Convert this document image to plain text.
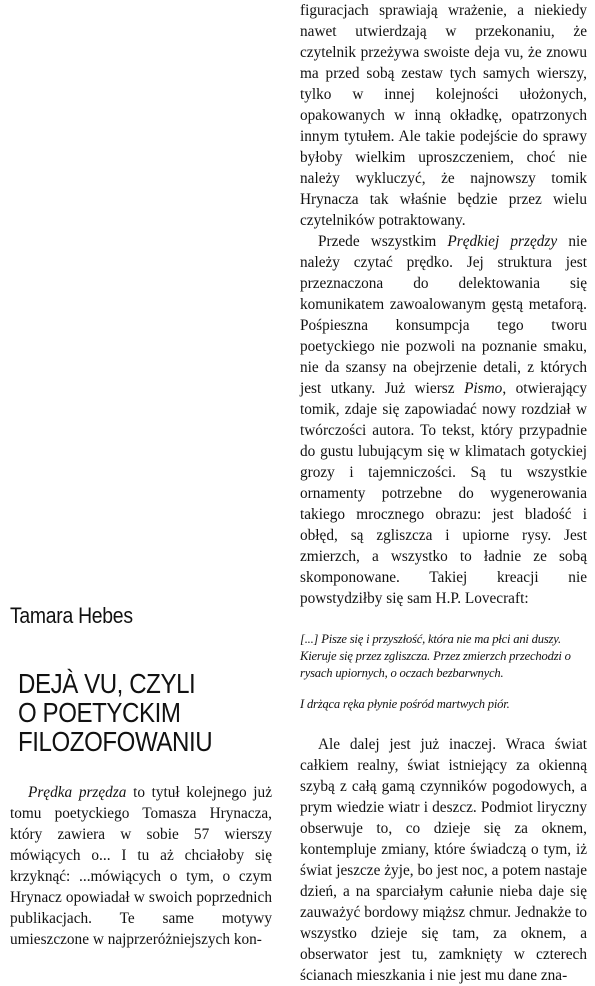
Tamara Hebes
DEJÀ VU, CZYLI
O POETYCKIM
FILOZOFOWANIU

Prędka przędza to tytuł kolejnego już tomu poetyckiego Tomasza Hrynacza, który zawiera w sobie 57 wierszy mówiących o... I tu aż chciałoby się krzyknąć: ...mówiących o tym, o czym Hrynacz opowiadał w swoich poprzednich publikacjach. Te same motywy umieszczone w najprzeróżniejszych kon-

figuracjach sprawiają wrażenie, a niekiedy nawet utwierdzają w przekonaniu, że czytelnik przeżywa swoiste deja vu, że znowu ma przed sobą zestaw tych samych wierszy, tylko w innej kolejności ułożonych, opakowanych w inną okładkę, opatrzonych innym tytułem. Ale takie podejście do sprawy byłoby wielkim uproszczeniem, choć nie należy wykluczyć, że najnowszy tomik Hrynacza tak właśnie będzie przez wielu czytelników potraktowany.

Przede wszystkim Prędkiej przędzy nie należy czytać prędko. Jej struktura jest przeznaczona do delektowania się komunikatem zawoalowanym gęstą metaforą. Pośpieszna konsumpcja tego tworu poetyckiego nie pozwoli na poznanie smaku, nie da szansy na obejrzenie detali, z których jest utkany. Już wiersz Pismo, otwierający tomik, zdaje się zapowiadać nowy rozdział w twórczości autora. To tekst, który przypadnie do gustu lubującym się w klimatach gotyckiej grozy i tajemniczości. Są tu wszystkie ornamenty potrzebne do wygenerowania takiego mrocznego obrazu: jest bladość i obłęd, są zgliszcza i upiorne rysy. Jest zmierzch, a wszystko to ładnie ze sobą skomponowane. Takiej kreacji nie powstydziłby się sam H.P. Lovecraft:

[...] Pisze się i przyszłość, która nie ma płci ani duszy. Kieruje się przez zgliszcza. Przez zmierzch przechodzi o rysach upiornych, o oczach bezbarwnych.

I drżąca ręka płynie pośród martwych piór.

Ale dalej jest już inaczej. Wraca świat całkiem realny, świat istniejący za okienną szybą z całą gamą czynników pogodowych, a prym wiedzie wiatr i deszcz. Podmiot liryczny obserwuje to, co dzieje się za oknem, kontempluje zmiany, które świadczą o tym, iż świat jeszcze żyje, bo jest noc, a potem nastaje dzień, a na sparciałym całunie nieba daje się zauważyć bordowy miąższ chmur. Jednakże to wszystko dzieje się tam, za oknem, a obserwator jest tu, zamknięty w czterech ścianach mieszkania i nie jest mu dane zna-
